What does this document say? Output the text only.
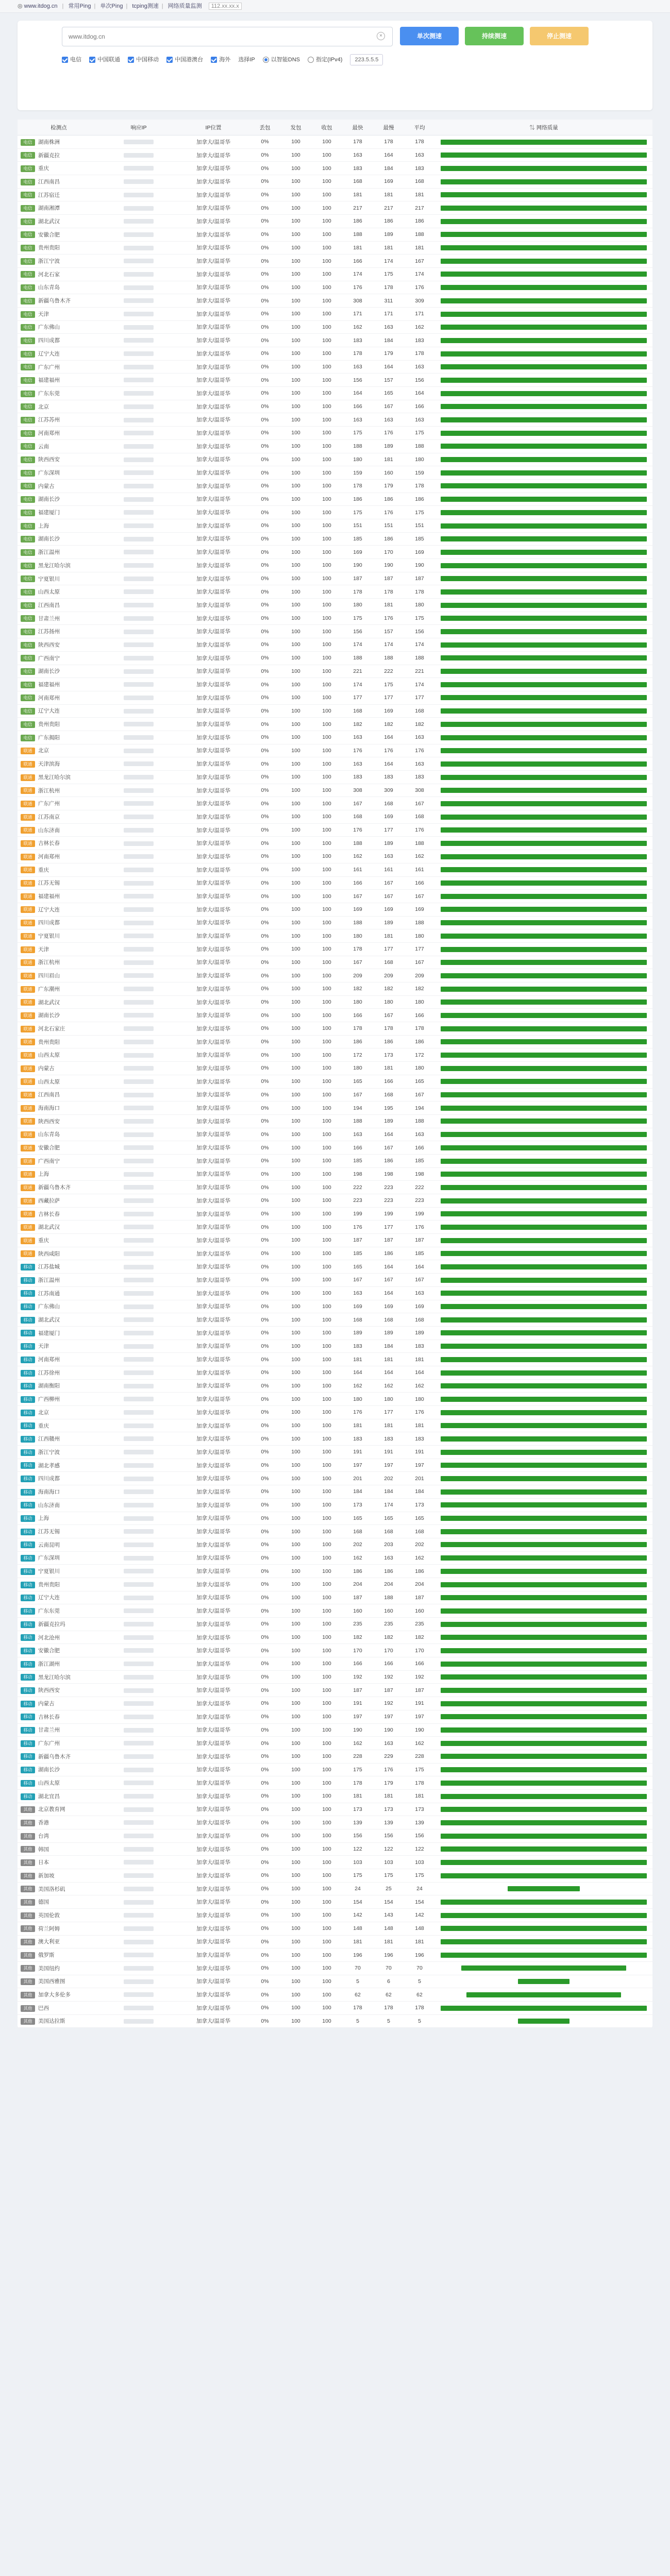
◎ www.itdog.cn | 常用Ping | 单次Ping | tcping测速 | 网络质量监测 112.xx.xx.x
www.itdog.cn
×	单次测速	持续测速	停止测速
电信	中国联通	中国移动	中国港澳台	海外 选择IP	以智能DNS	指定(IPv4) 223.5.5.5
检测点	响应IP	IP位置	丢包	发包	收包	最快	最慢	平均	⇅ 网络质量
电信 湖南株洲		加拿大/温哥华	0%	100	100	178	178	178	
电信 新疆克拉		加拿大/温哥华	0%	100	100	163	164	163	
电信 重庆		加拿大/温哥华	0%	100	100	183	184	183	
电信 江西南昌		加拿大/温哥华	0%	100	100	168	169	168	
电信 江苏宿迁		加拿大/温哥华	0%	100	100	181	181	181	
电信 湖南湘潭		加拿大/温哥华	0%	100	100	217	217	217	
电信 湖北武汉		加拿大/温哥华	0%	100	100	186	186	186	
电信 安徽合肥		加拿大/温哥华	0%	100	100	188	189	188	
电信 贵州贵阳		加拿大/温哥华	0%	100	100	181	181	181	
电信 浙江宁波		加拿大/温哥华	0%	100	100	166	174	167	
电信 河北石家		加拿大/温哥华	0%	100	100	174	175	174	
电信 山东青岛		加拿大/温哥华	0%	100	100	176	178	176	
电信 新疆乌鲁木齐		加拿大/温哥华	0%	100	100	308	311	309	
电信 天津		加拿大/温哥华	0%	100	100	171	171	171	
电信 广东佛山		加拿大/温哥华	0%	100	100	162	163	162	
电信 四川成都		加拿大/温哥华	0%	100	100	183	184	183	
电信 辽宁大连		加拿大/温哥华	0%	100	100	178	179	178	
电信 广东广州		加拿大/温哥华	0%	100	100	163	164	163	
电信 福建福州		加拿大/温哥华	0%	100	100	156	157	156	
电信 广东东莞		加拿大/温哥华	0%	100	100	164	165	164	
电信 北京		加拿大/温哥华	0%	100	100	166	167	166	
电信 江苏苏州		加拿大/温哥华	0%	100	100	163	163	163	
电信 河南郑州		加拿大/温哥华	0%	100	100	175	176	175	
电信 云南		加拿大/温哥华	0%	100	100	188	189	188	
电信 陕西西安		加拿大/温哥华	0%	100	100	180	181	180	
电信 广东深圳		加拿大/温哥华	0%	100	100	159	160	159	
电信 内蒙古		加拿大/温哥华	0%	100	100	178	179	178	
电信 湖南长沙		加拿大/温哥华	0%	100	100	186	186	186	
电信 福建厦门		加拿大/温哥华	0%	100	100	175	176	175	
电信 上海		加拿大/温哥华	0%	100	100	151	151	151	
电信 湖南长沙		加拿大/温哥华	0%	100	100	185	186	185	
电信 浙江温州		加拿大/温哥华	0%	100	100	169	170	169	
电信 黑龙江哈尔滨		加拿大/温哥华	0%	100	100	190	190	190	
电信 宁夏银川		加拿大/温哥华	0%	100	100	187	187	187	
电信 山西太原		加拿大/温哥华	0%	100	100	178	178	178	
电信 江西南昌		加拿大/温哥华	0%	100	100	180	181	180	
电信 甘肃兰州		加拿大/温哥华	0%	100	100	175	176	175	
电信 江苏扬州		加拿大/温哥华	0%	100	100	156	157	156	
电信 陕西西安		加拿大/温哥华	0%	100	100	174	174	174	
电信 广西南宁		加拿大/温哥华	0%	100	100	188	188	188	
电信 湖南长沙		加拿大/温哥华	0%	100	100	221	222	221	
电信 福建福州		加拿大/温哥华	0%	100	100	174	175	174	
电信 河南郑州		加拿大/温哥华	0%	100	100	177	177	177	
电信 辽宁大连		加拿大/温哥华	0%	100	100	168	169	168	
电信 贵州贵阳		加拿大/温哥华	0%	100	100	182	182	182	
电信 广东揭阳		加拿大/温哥华	0%	100	100	163	164	163	
联通 北京		加拿大/温哥华	0%	100	100	176	176	176	
联通 天津滨海		加拿大/温哥华	0%	100	100	163	164	163	
联通 黑龙江哈尔滨		加拿大/温哥华	0%	100	100	183	183	183	
联通 浙江杭州		加拿大/温哥华	0%	100	100	308	309	308	
联通 广东广州		加拿大/温哥华	0%	100	100	167	168	167	
联通 江苏南京		加拿大/温哥华	0%	100	100	168	169	168	
联通 山东济南		加拿大/温哥华	0%	100	100	176	177	176	
联通 吉林长春		加拿大/温哥华	0%	100	100	188	189	188	
联通 河南郑州		加拿大/温哥华	0%	100	100	162	163	162	
联通 重庆		加拿大/温哥华	0%	100	100	161	161	161	
联通 江苏无锡		加拿大/温哥华	0%	100	100	166	167	166	
联通 福建福州		加拿大/温哥华	0%	100	100	167	167	167	
联通 辽宁大连		加拿大/温哥华	0%	100	100	169	169	169	
联通 四川成都		加拿大/温哥华	0%	100	100	188	189	188	
联通 宁夏银川		加拿大/温哥华	0%	100	100	180	181	180	
联通 天津		加拿大/温哥华	0%	100	100	178	177	177	
联通 浙江杭州		加拿大/温哥华	0%	100	100	167	168	167	
联通 四川眉山		加拿大/温哥华	0%	100	100	209	209	209	
联通 广东潮州		加拿大/温哥华	0%	100	100	182	182	182	
联通 湖北武汉		加拿大/温哥华	0%	100	100	180	180	180	
联通 湖南长沙		加拿大/温哥华	0%	100	100	166	167	166	
联通 河北石家庄		加拿大/温哥华	0%	100	100	178	178	178	
联通 贵州贵阳		加拿大/温哥华	0%	100	100	186	186	186	
联通 山西太原		加拿大/温哥华	0%	100	100	172	173	172	
联通 内蒙古		加拿大/温哥华	0%	100	100	180	181	180	
联通 山西太原		加拿大/温哥华	0%	100	100	165	166	165	
联通 江西南昌		加拿大/温哥华	0%	100	100	167	168	167	
联通 海南海口		加拿大/温哥华	0%	100	100	194	195	194	
联通 陕西西安		加拿大/温哥华	0%	100	100	188	189	188	
联通 山东青岛		加拿大/温哥华	0%	100	100	163	164	163	
联通 安徽合肥		加拿大/温哥华	0%	100	100	166	167	166	
联通 广西南宁		加拿大/温哥华	0%	100	100	185	186	185	
联通 上海		加拿大/温哥华	0%	100	100	198	198	198	
联通 新疆乌鲁木齐		加拿大/温哥华	0%	100	100	222	223	222	
联通 西藏拉萨		加拿大/温哥华	0%	100	100	223	223	223	
联通 吉林长春		加拿大/温哥华	0%	100	100	199	199	199	
联通 湖北武汉		加拿大/温哥华	0%	100	100	176	177	176	
联通 重庆		加拿大/温哥华	0%	100	100	187	187	187	
联通 陕西咸阳		加拿大/温哥华	0%	100	100	185	186	185	
移动 江苏盐城		加拿大/温哥华	0%	100	100	165	164	164	
移动 浙江温州		加拿大/温哥华	0%	100	100	167	167	167	
移动 江苏南通		加拿大/温哥华	0%	100	100	163	164	163	
移动 广东佛山		加拿大/温哥华	0%	100	100	169	169	169	
移动 湖北武汉		加拿大/温哥华	0%	100	100	168	168	168	
移动 福建厦门		加拿大/温哥华	0%	100	100	189	189	189	
移动 天津		加拿大/温哥华	0%	100	100	183	184	183	
移动 河南郑州		加拿大/温哥华	0%	100	100	181	181	181	
移动 江苏徐州		加拿大/温哥华	0%	100	100	164	164	164	
移动 湖南衡阳		加拿大/温哥华	0%	100	100	162	162	162	
移动 广西柳州		加拿大/温哥华	0%	100	100	180	180	180	
移动 北京		加拿大/温哥华	0%	100	100	176	177	176	
移动 重庆		加拿大/温哥华	0%	100	100	181	181	181	
移动 江西赣州		加拿大/温哥华	0%	100	100	183	183	183	
移动 浙江宁波		加拿大/温哥华	0%	100	100	191	191	191	
移动 湖北孝感		加拿大/温哥华	0%	100	100	197	197	197	
移动 四川成都		加拿大/温哥华	0%	100	100	201	202	201	
移动 海南海口		加拿大/温哥华	0%	100	100	184	184	184	
移动 山东济南		加拿大/温哥华	0%	100	100	173	174	173	
移动 上海		加拿大/温哥华	0%	100	100	165	165	165	
移动 江苏无锡		加拿大/温哥华	0%	100	100	168	168	168	
移动 云南昆明		加拿大/温哥华	0%	100	100	202	203	202	
移动 广东深圳		加拿大/温哥华	0%	100	100	162	163	162	
移动 宁夏银川		加拿大/温哥华	0%	100	100	186	186	186	
移动 贵州贵阳		加拿大/温哥华	0%	100	100	204	204	204	
移动 辽宁大连		加拿大/温哥华	0%	100	100	187	188	187	
移动 广东东莞		加拿大/温哥华	0%	100	100	160	160	160	
移动 新疆克拉玛		加拿大/温哥华	0%	100	100	235	235	235	
移动 河北沧州		加拿大/温哥华	0%	100	100	182	182	182	
移动 安徽合肥		加拿大/温哥华	0%	100	100	170	170	170	
移动 浙江湖州		加拿大/温哥华	0%	100	100	166	166	166	
移动 黑龙江哈尔滨		加拿大/温哥华	0%	100	100	192	192	192	
移动 陕西西安		加拿大/温哥华	0%	100	100	187	187	187	
移动 内蒙古		加拿大/温哥华	0%	100	100	191	192	191	
移动 吉林长春		加拿大/温哥华	0%	100	100	197	197	197	
移动 甘肃兰州		加拿大/温哥华	0%	100	100	190	190	190	
移动 广东广州		加拿大/温哥华	0%	100	100	162	163	162	
移动 新疆乌鲁木齐		加拿大/温哥华	0%	100	100	228	229	228	
移动 湖南长沙		加拿大/温哥华	0%	100	100	175	176	175	
移动 山西太原		加拿大/温哥华	0%	100	100	178	179	178	
移动 湖北宜昌		加拿大/温哥华	0%	100	100	181	181	181	
其他 北京教育网		加拿大/温哥华	0%	100	100	173	173	173	
其他 香港		加拿大/温哥华	0%	100	100	139	139	139	
其他 台湾		加拿大/温哥华	0%	100	100	156	156	156	
其他 韩国		加拿大/温哥华	0%	100	100	122	122	122	
其他 日本		加拿大/温哥华	0%	100	100	103	103	103	
其他 新加坡		加拿大/温哥华	0%	100	100	175	175	175	
其他 美国洛杉矶		加拿大/温哥华	0%	100	100	24	25	24	
其他 德国		加拿大/温哥华	0%	100	100	154	154	154	
其他 英国伦敦		加拿大/温哥华	0%	100	100	142	143	142	
其他 荷兰阿姆		加拿大/温哥华	0%	100	100	148	148	148	
其他 澳大利亚		加拿大/温哥华	0%	100	100	181	181	181	
其他 俄罗斯		加拿大/温哥华	0%	100	100	196	196	196	
其他 美国纽约		加拿大/温哥华	0%	100	100	70	70	70	
其他 美国西雅图		加拿大/温哥华	0%	100	100	5	6	5	
其他 加拿大多伦多		加拿大/温哥华	0%	100	100	62	62	62	
其他 巴西		加拿大/温哥华	0%	100	100	178	178	178	
其他 美国达拉斯		加拿大/温哥华	0%	100	100	5	5	5	
